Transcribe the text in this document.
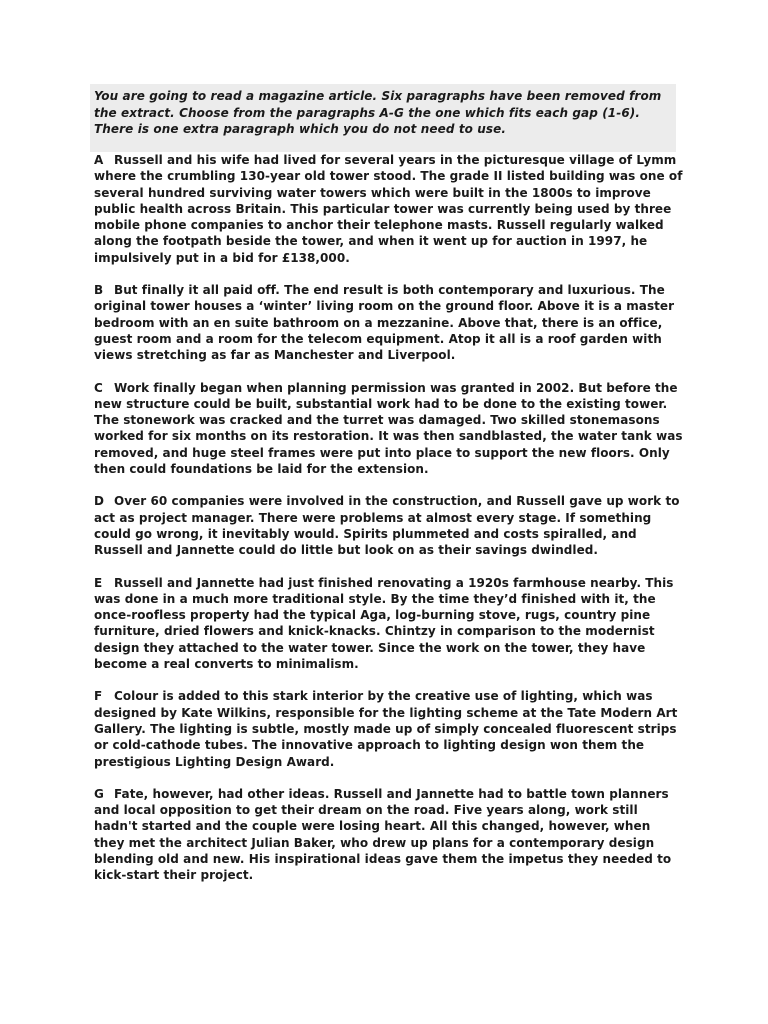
You are going to read a magazine article. Six paragraphs have been removed from the extract. Choose from the paragraphs A-G the one which fits each gap (1-6). There is one extra paragraph which you do not need to use.

A Russell and his wife had lived for several years in the picturesque village of Lymm where the crumbling 130-year old tower stood. The grade II listed building was one of several hundred surviving water towers which were built in the 1800s to improve public health across Britain. This particular tower was currently being used by three mobile phone companies to anchor their telephone masts. Russell regularly walked along the footpath beside the tower, and when it went up for auction in 1997, he impulsively put in a bid for £138,000.

B But finally it all paid off. The end result is both contemporary and luxurious. The original tower houses a ‘winter’ living room on the ground floor. Above it is a master bedroom with an en suite bathroom on a mezzanine. Above that, there is an office, guest room and a room for the telecom equipment. Atop it all is a roof garden with views stretching as far as Manchester and Liverpool.

C Work finally began when planning permission was granted in 2002. But before the new structure could be built, substantial work had to be done to the existing tower. The stonework was cracked and the turret was damaged. Two skilled stonemasons worked for six months on its restoration. It was then sandblasted, the water tank was removed, and huge steel frames were put into place to support the new floors. Only then could foundations be laid for the extension.

D Over 60 companies were involved in the construction, and Russell gave up work to act as project manager. There were problems at almost every stage. If something could go wrong, it inevitably would. Spirits plummeted and costs spiralled, and Russell and Jannette could do little but look on as their savings dwindled.

E Russell and Jannette had just finished renovating a 1920s farmhouse nearby. This was done in a much more traditional style. By the time they’d finished with it, the once-roofless property had the typical Aga, log-burning stove, rugs, country pine furniture, dried flowers and knick-knacks. Chintzy in comparison to the modernist design they attached to the water tower. Since the work on the tower, they have become a real converts to minimalism.

F Colour is added to this stark interior by the creative use of lighting, which was designed by Kate Wilkins, responsible for the lighting scheme at the Tate Modern Art Gallery. The lighting is subtle, mostly made up of simply concealed fluorescent strips or cold-cathode tubes. The innovative approach to lighting design won them the prestigious Lighting Design Award.

G Fate, however, had other ideas. Russell and Jannette had to battle town planners and local opposition to get their dream on the road. Five years along, work still hadn't started and the couple were losing heart. All this changed, however, when they met the architect Julian Baker, who drew up plans for a contemporary design blending old and new. His inspirational ideas gave them the impetus they needed to kick-start their project.
